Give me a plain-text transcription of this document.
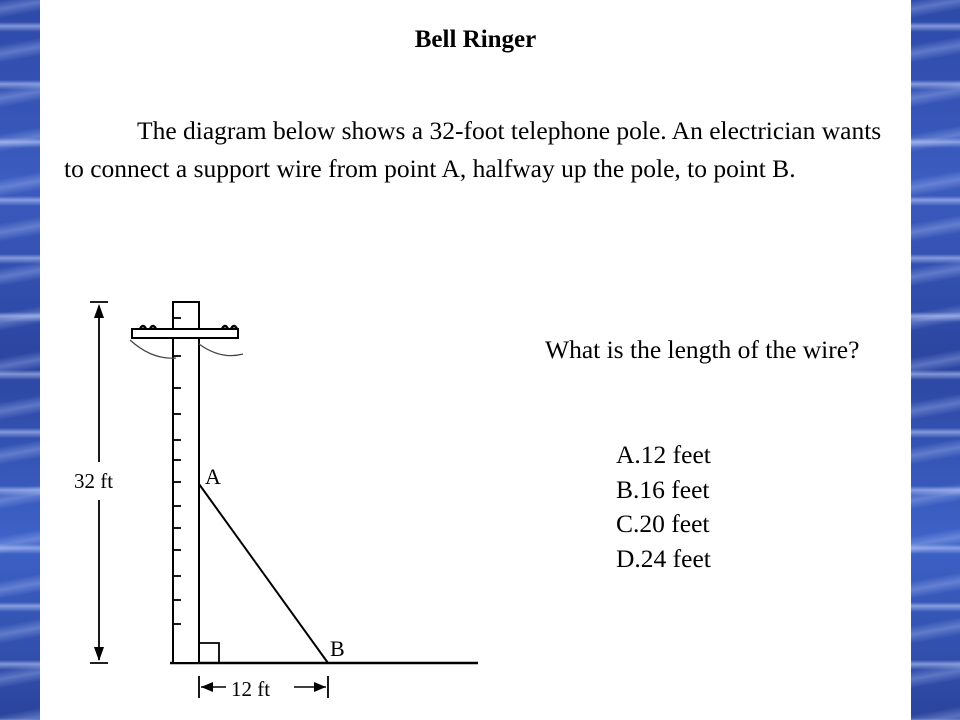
Bell Ringer
The diagram below shows a 32-foot telephone pole. An electrician wants to connect a support wire from point A, halfway up the pole, to point B.
A
B
32 ft
12 ft
What is the length of the wire?
A.12 feet
B.16 feet
C.20 feet
D.24 feet
